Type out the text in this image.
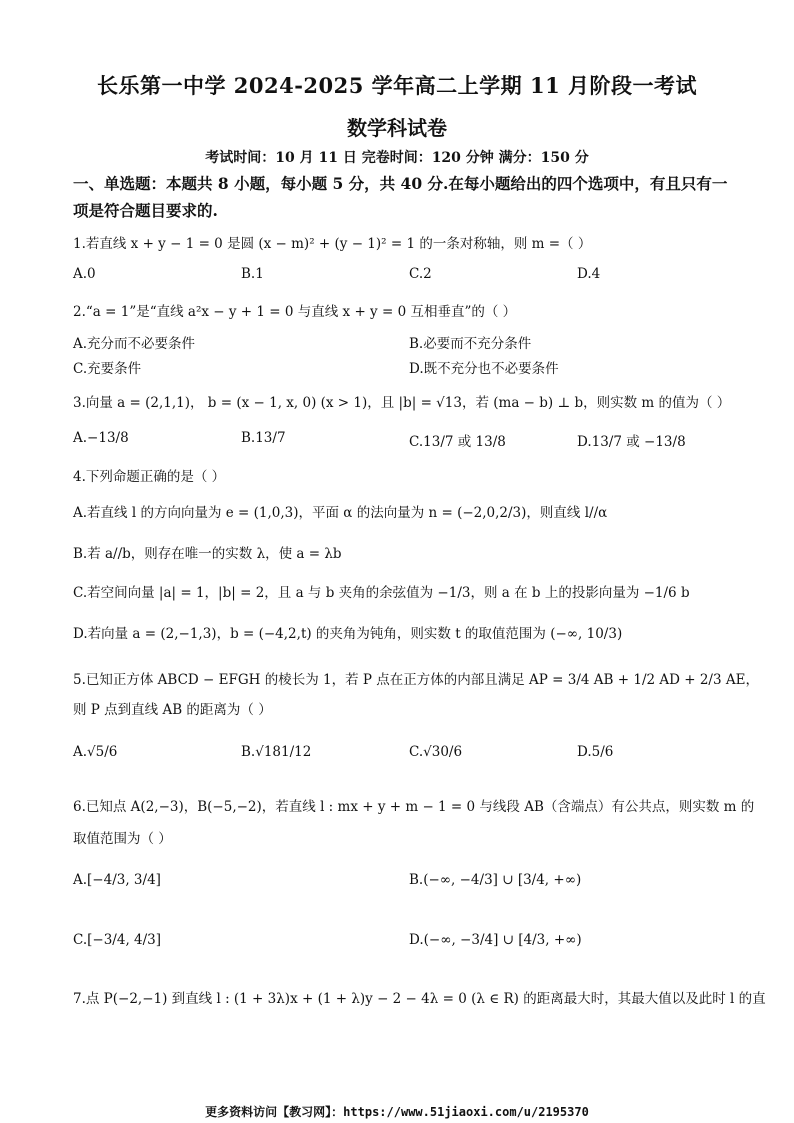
长乐第一中学 2024-2025 学年高二上学期 11 月阶段一考试
数学科试卷
考试时间：10 月 11 日 完卷时间：120 分钟 满分：150 分
一、单选题：本题共 8 小题，每小题 5 分，共 40 分.在每小题给出的四个选项中，有且只有一项是符合题目要求的.
1.若直线 x + y − 1 = 0 是圆 (x − m)² + (y − 1)² = 1 的一条对称轴，则 m =（ ）
A.0	B.1	C.2	D.4
2.“a = 1”是“直线 a²x − y + 1 = 0 与直线 x + y = 0 互相垂直”的（ ）
A.充分而不必要条件	B.必要而不充分条件
C.充要条件	D.既不充分也不必要条件
3.向量 a = (2,1,1)， b = (x − 1, x, 0) (x > 1)，且 |b| = √13，若 (ma − b) ⊥ b，则实数 m 的值为（ ）
A.−13/8	B.13/7	C.13/7 或 13/8	D.13/7 或 −13/8
4.下列命题正确的是（ ）
A.若直线 l 的方向向量为 e = (1,0,3)，平面 α 的法向量为 n = (−2,0,2/3)，则直线 l//α
B.若 a//b，则存在唯一的实数 λ，使 a = λb
C.若空间向量 |a| = 1，|b| = 2，且 a 与 b 夹角的余弦值为 −1/3，则 a 在 b 上的投影向量为 −1/6 b
D.若向量 a = (2,−1,3)，b = (−4,2,t) 的夹角为钝角，则实数 t 的取值范围为 (−∞, 10/3)
5.已知正方体 ABCD − EFGH 的棱长为 1，若 P 点在正方体的内部且满足 AP = 3/4 AB + 1/2 AD + 2/3 AE，
则 P 点到直线 AB 的距离为（ ）
A.√5/6	B.√181/12	C.√30/6	D.5/6
6.已知点 A(2,−3)，B(−5,−2)，若直线 l : mx + y + m − 1 = 0 与线段 AB（含端点）有公共点，则实数 m 的
取值范围为（ ）
A.[−4/3, 3/4]	B.(−∞, −4/3] ∪ [3/4, +∞)
C.[−3/4, 4/3]	D.(−∞, −3/4] ∪ [4/3, +∞)
7.点 P(−2,−1) 到直线 l : (1 + 3λ)x + (1 + λ)y − 2 − 4λ = 0 (λ ∈ R) 的距离最大时，其最大值以及此时 l 的直
更多资料访问【教习网】：https://www.51jiaoxi.com/u/2195370
